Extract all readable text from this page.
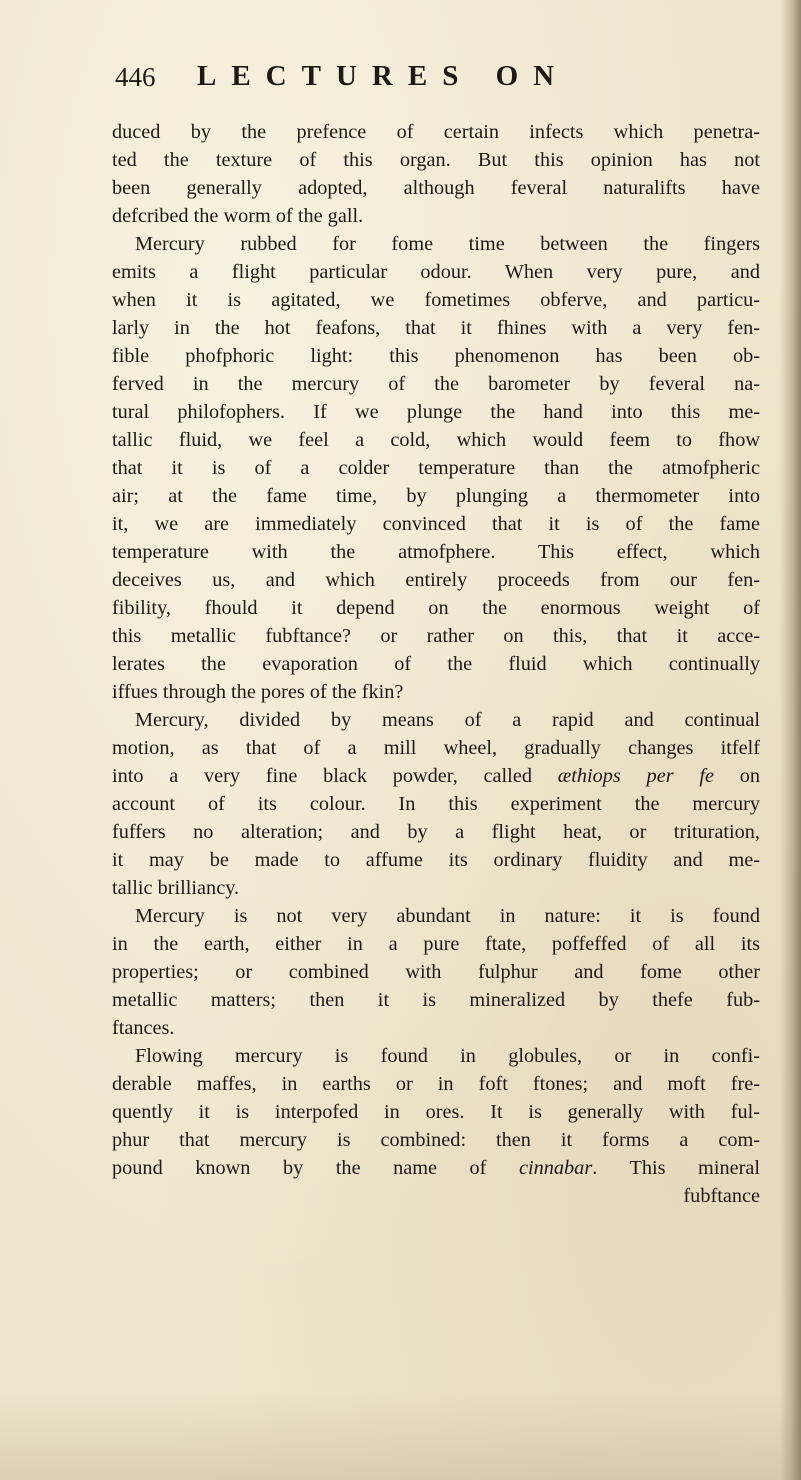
446 LECTURES ON
duced by the prefence of certain infects which penetra-
ted the texture of this organ. But this opinion has not
been generally adopted, although feveral naturalifts have
defcribed the worm of the gall.
Mercury rubbed for fome time between the fingers
emits a flight particular odour. When very pure, and
when it is agitated, we fometimes obferve, and particu-
larly in the hot feafons, that it fhines with a very fen-
fible phofphoric light: this phenomenon has been ob-
ferved in the mercury of the barometer by feveral na-
tural philofophers. If we plunge the hand into this me-
tallic fluid, we feel a cold, which would feem to fhow
that it is of a colder temperature than the atmofpheric
air; at the fame time, by plunging a thermometer into
it, we are immediately convinced that it is of the fame
temperature with the atmofphere. This effect, which
deceives us, and which entirely proceeds from our fen-
fibility, fhould it depend on the enormous weight of
this metallic fubftance? or rather on this, that it acce-
lerates the evaporation of the fluid which continually
iffues through the pores of the fkin?
Mercury, divided by means of a rapid and continual
motion, as that of a mill wheel, gradually changes itfelf
into a very fine black powder, called æthiops per fe on
account of its colour. In this experiment the mercury
fuffers no alteration; and by a flight heat, or trituration,
it may be made to affume its ordinary fluidity and me-
tallic brilliancy.
Mercury is not very abundant in nature: it is found
in the earth, either in a pure ftate, poffeffed of all its
properties; or combined with fulphur and fome other
metallic matters; then it is mineralized by thefe fub-
ftances.
Flowing mercury is found in globules, or in confi-
derable maffes, in earths or in foft ftones; and moft fre-
quently it is interpofed in ores. It is generally with ful-
phur that mercury is combined: then it forms a com-
pound known by the name of cinnabar. This mineral
fubftance
